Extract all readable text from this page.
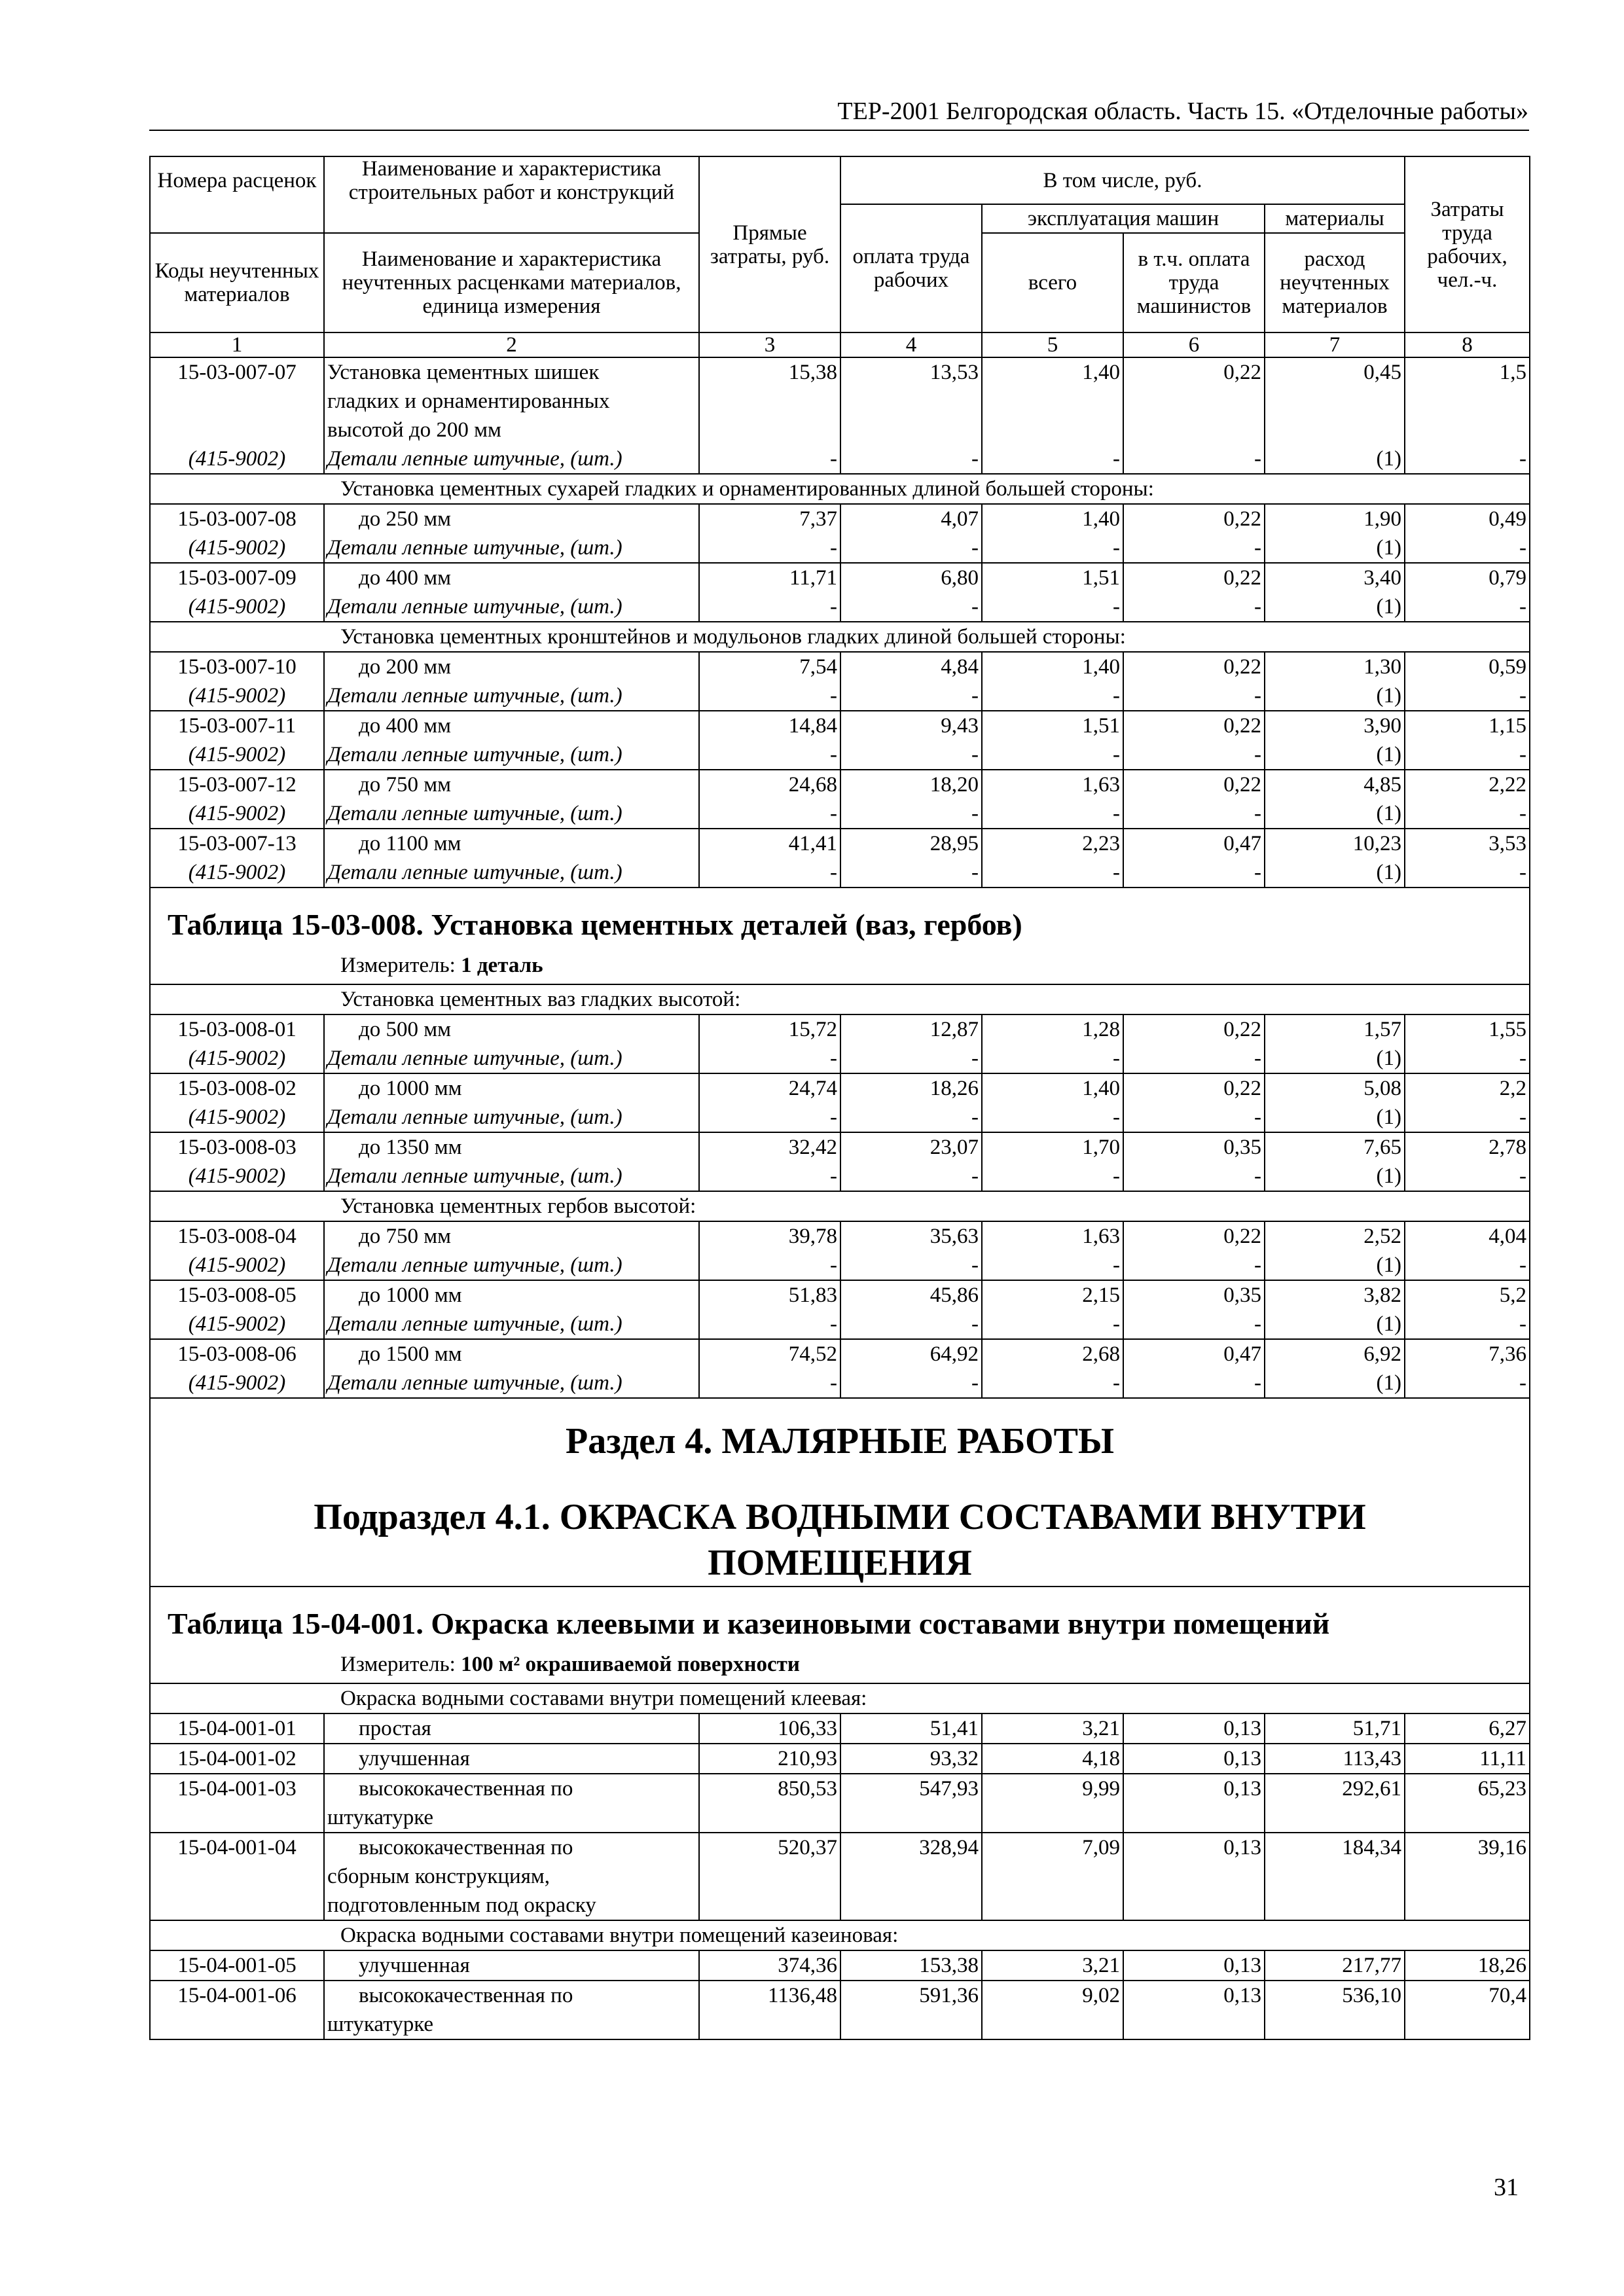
ТЕР-2001 Белгородская область. Часть 15. «Отделочные работы»
Номера расценок	Наименование и характеристика строительных работ и конструкций	Прямые затраты, руб.	В том числе, руб.				Затраты труда рабочих, чел.-ч.
			оплата труда рабочих	эксплуатация машин		материалы	
Коды неучтенных материалов	Наименование и характеристика неучтенных расценками материалов, единица измерения			всего	в т.ч. оплата труда машинистов	расход неучтенных материалов	
1	2	3	4	5	6	7	8
15-03-007-07	Установка цементных шишек
гладких и орнаментированных
высотой до 200 мм	15,38	13,53	1,40	0,22	0,45	1,5
(415-9002)	Детали лепные штучные, (шт.)	-	-	-	-	(1)	-
Установка цементных сухарей гладких и орнаментированных длиной большей стороны:							
15-03-007-08	до 250 мм	7,37	4,07	1,40	0,22	1,90	0,49
(415-9002)	Детали лепные штучные, (шт.)	-	-	-	-	(1)	-
15-03-007-09	до 400 мм	11,71	6,80	1,51	0,22	3,40	0,79
(415-9002)	Детали лепные штучные, (шт.)	-	-	-	-	(1)	-
Установка цементных кронштейнов и модульонов гладких длиной большей стороны:							
15-03-007-10	до 200 мм	7,54	4,84	1,40	0,22	1,30	0,59
(415-9002)	Детали лепные штучные, (шт.)	-	-	-	-	(1)	-
15-03-007-11	до 400 мм	14,84	9,43	1,51	0,22	3,90	1,15
(415-9002)	Детали лепные штучные, (шт.)	-	-	-	-	(1)	-
15-03-007-12	до 750 мм	24,68	18,20	1,63	0,22	4,85	2,22
(415-9002)	Детали лепные штучные, (шт.)	-	-	-	-	(1)	-
15-03-007-13	до 1100 мм	41,41	28,95	2,23	0,47	10,23	3,53
(415-9002)	Детали лепные штучные, (шт.)	-	-	-	-	(1)	-

Таблица 15-03-008. Установка цементных деталей (ваз, гербов)
Измеритель: 1 деталь							

Установка цементных ваз гладких высотой:							
15-03-008-01	до 500 мм	15,72	12,87	1,28	0,22	1,57	1,55
(415-9002)	Детали лепные штучные, (шт.)	-	-	-	-	(1)	-
15-03-008-02	до 1000 мм	24,74	18,26	1,40	0,22	5,08	2,2
(415-9002)	Детали лепные штучные, (шт.)	-	-	-	-	(1)	-
15-03-008-03	до 1350 мм	32,42	23,07	1,70	0,35	7,65	2,78
(415-9002)	Детали лепные штучные, (шт.)	-	-	-	-	(1)	-
Установка цементных гербов высотой:							
15-03-008-04	до 750 мм	39,78	35,63	1,63	0,22	2,52	4,04
(415-9002)	Детали лепные штучные, (шт.)	-	-	-	-	(1)	-
15-03-008-05	до 1000 мм	51,83	45,86	2,15	0,35	3,82	5,2
(415-9002)	Детали лепные штучные, (шт.)	-	-	-	-	(1)	-
15-03-008-06	до 1500 мм	74,52	64,92	2,68	0,47	6,92	7,36
(415-9002)	Детали лепные штучные, (шт.)	-	-	-	-	(1)	-

Раздел 4. МАЛЯРНЫЕ РАБОТЫ
Подраздел 4.1. ОКРАСКА ВОДНЫМИ СОСТАВАМИ ВНУТРИ
ПОМЕЩЕНИЯ							

Таблица 15-04-001. Окраска клеевыми и казеиновыми составами внутри помещений
Измеритель: 100 м² окрашиваемой поверхности							

Окраска водными составами внутри помещений клеевая:							
15-04-001-01	простая	106,33	51,41	3,21	0,13	51,71	6,27
15-04-001-02	улучшенная	210,93	93,32	4,18	0,13	113,43	11,11
15-04-001-03	высококачественная по
штукатурке	850,53	547,93	9,99	0,13	292,61	65,23
15-04-001-04	высококачественная по
сборным конструкциям,
подготовленным под окраску	520,37	328,94	7,09	0,13	184,34	39,16
Окраска водными составами внутри помещений казеиновая:							
15-04-001-05	улучшенная	374,36	153,38	3,21	0,13	217,77	18,26
15-04-001-06	высококачественная по
штукатурке	1136,48	591,36	9,02	0,13	536,10	70,4
31
